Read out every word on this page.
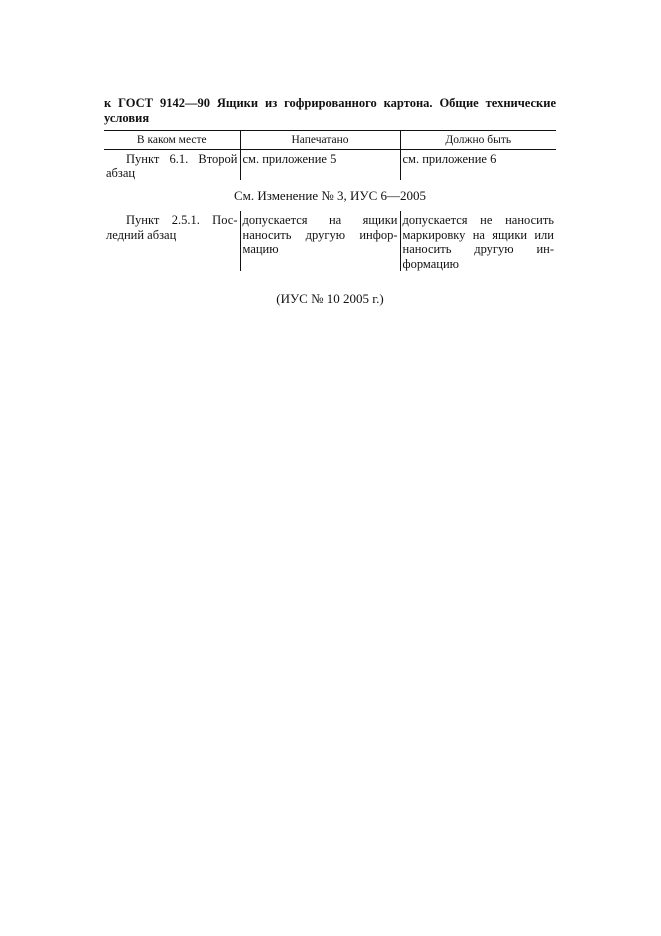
к ГОСТ 9142—90 Ящики из гофрированного картона. Общие технические условия
В каком месте	Напечатано	Должно быть
Пункт 6.1. Второй абзац	см. приложение 5	см. приложение 6
См. Изменение № 3, ИУС 6—2005
Пункт 2.5.1. Последний абзац	допускается на ящики наносить другую информацию	допускается не наносить маркировку на ящики или наносить другую информацию
(ИУС № 10 2005 г.)
